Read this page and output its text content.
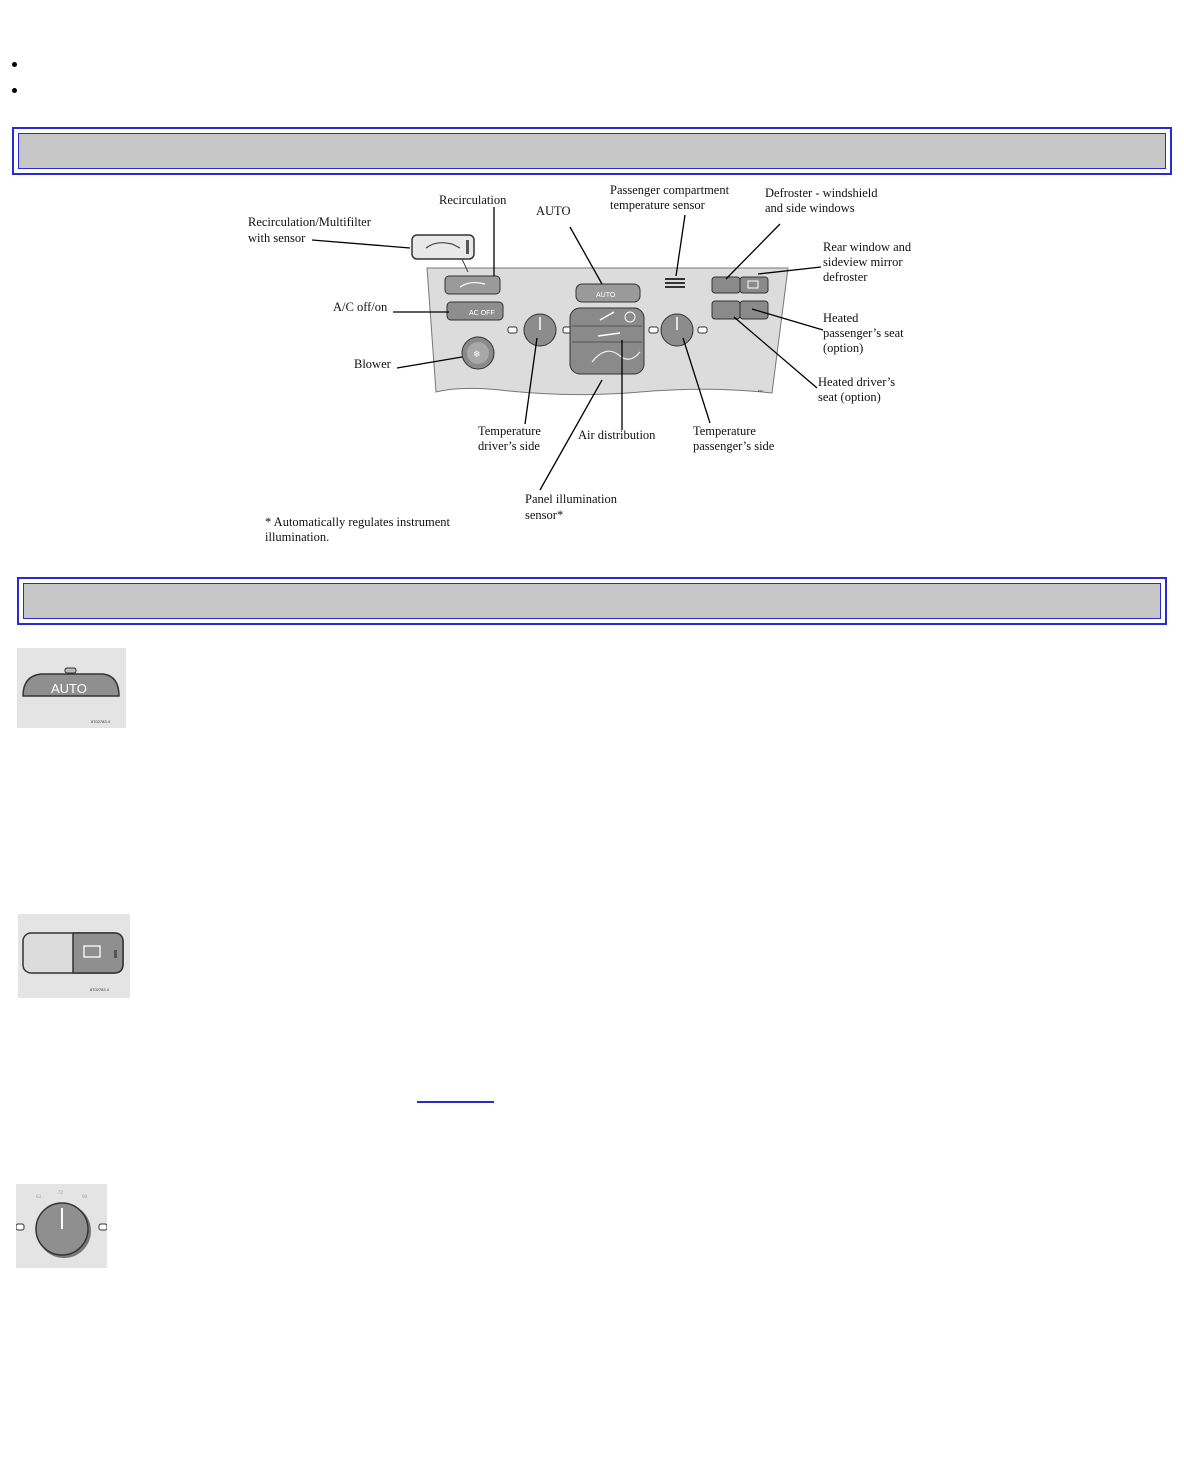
AC OFF
❄
AUTO
ETC
Recirculation/Multifilter
with sensor
Recirculation
AUTO
Passenger compartment
temperature sensor
Defroster - windshield
and side windows
Rear window and
sideview mirror
defroster
A/C off/on
Heated
passenger’s seat
(option)
Blower
Heated driver’s
seat (option)
Temperature
driver’s side
Air distribution	Temperature
passenger’s side
Panel illumination
sensor*
* Automatically regulates instrument
illumination.
AUTO
8702783 4
8702783 4
63
72
90
